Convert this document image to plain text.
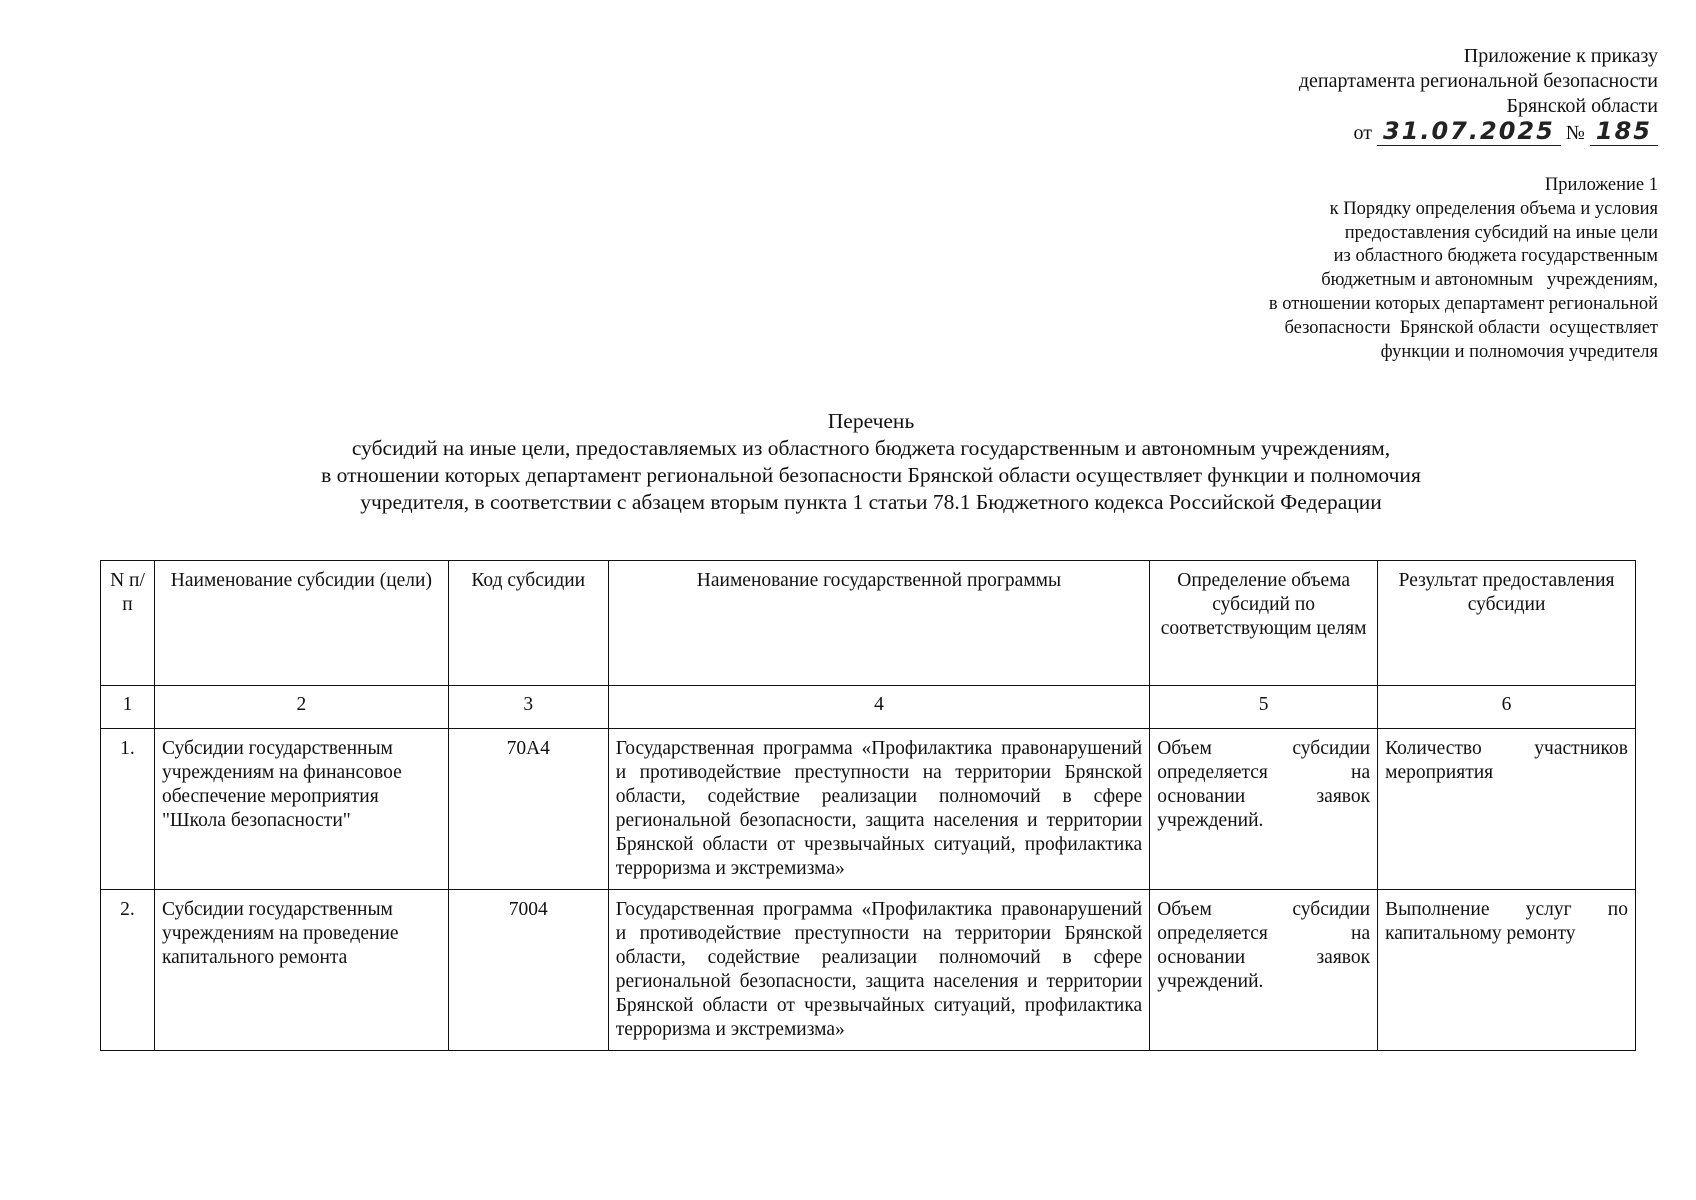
Приложение к приказу
департамента региональной безопасности
Брянской области
от 31.07.2025 № 185
Приложение 1
к Порядку определения объема и условия
предоставления субсидий на иные цели
из областного бюджета государственным
бюджетным и автономным   учреждениям,
в отношении которых департамент региональной
безопасности  Брянской области  осуществляет
функции и полномочия учредителя
Перечень
субсидий на иные цели, предоставляемых из областного бюджета государственным и автономным учреждениям,
в отношении которых департамент региональной безопасности Брянской области осуществляет функции и полномочия
учредителя, в соответствии с абзацем вторым пункта 1 статьи 78.1 Бюджетного кодекса Российской Федерации
N п/п	Наименование субсидии (цели)	Код субсидии	Наименование государственной программы	Определение объема субсидий по соответствующим целям	Результат предоставления субсидии
1	2	3	4	5	6
1.	Субсидии государственным учреждениям на финансовое обеспечение мероприятия "Школа безопасности"	70А4	Государственная программа «Профилактика правонарушений и противодействие преступности на территории Брянской области, содействие реализации полномочий в сфере региональной безопасности, защита населения и территории Брянской области от чрезвычайных ситуаций, профилактика терроризма и экстремизма»	Объем субсидии определяется на основании заявок учреждений.	Количество участников мероприятия
2.	Субсидии государственным учреждениям на проведение капитального ремонта	7004	Государственная программа «Профилактика правонарушений и противодействие преступности на территории Брянской области, содействие реализации полномочий в сфере региональной безопасности, защита населения и территории Брянской области от чрезвычайных ситуаций, профилактика терроризма и экстремизма»	Объем субсидии определяется на основании заявок учреждений.	Выполнение услуг по капитальному ремонту
